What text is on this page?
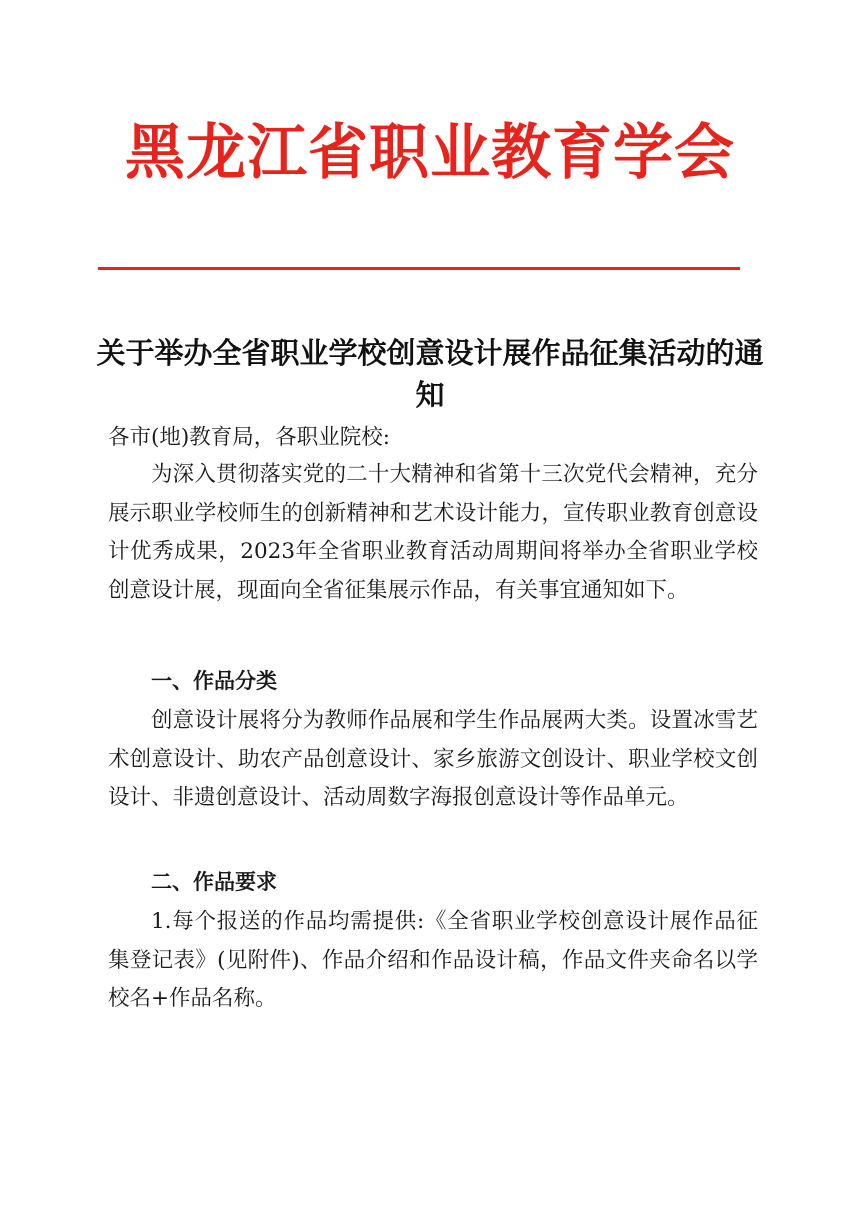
黑龙江省职业教育学会
关于举办全省职业学校创意设计展作品征集活动的通知
各市(地)教育局，各职业院校:
为深入贯彻落实党的二十大精神和省第十三次党代会精神，充分展示职业学校师生的创新精神和艺术设计能力，宣传职业教育创意设计优秀成果，2023年全省职业教育活动周期间将举办全省职业学校创意设计展，现面向全省征集展示作品，有关事宜通知如下。
一、作品分类
创意设计展将分为教师作品展和学生作品展两大类。设置冰雪艺术创意设计、助农产品创意设计、家乡旅游文创设计、职业学校文创设计、非遗创意设计、活动周数字海报创意设计等作品单元。
二、作品要求
1.每个报送的作品均需提供:《全省职业学校创意设计展作品征集登记表》(见附件)、作品介绍和作品设计稿，作品文件夹命名以学校名+作品名称。
